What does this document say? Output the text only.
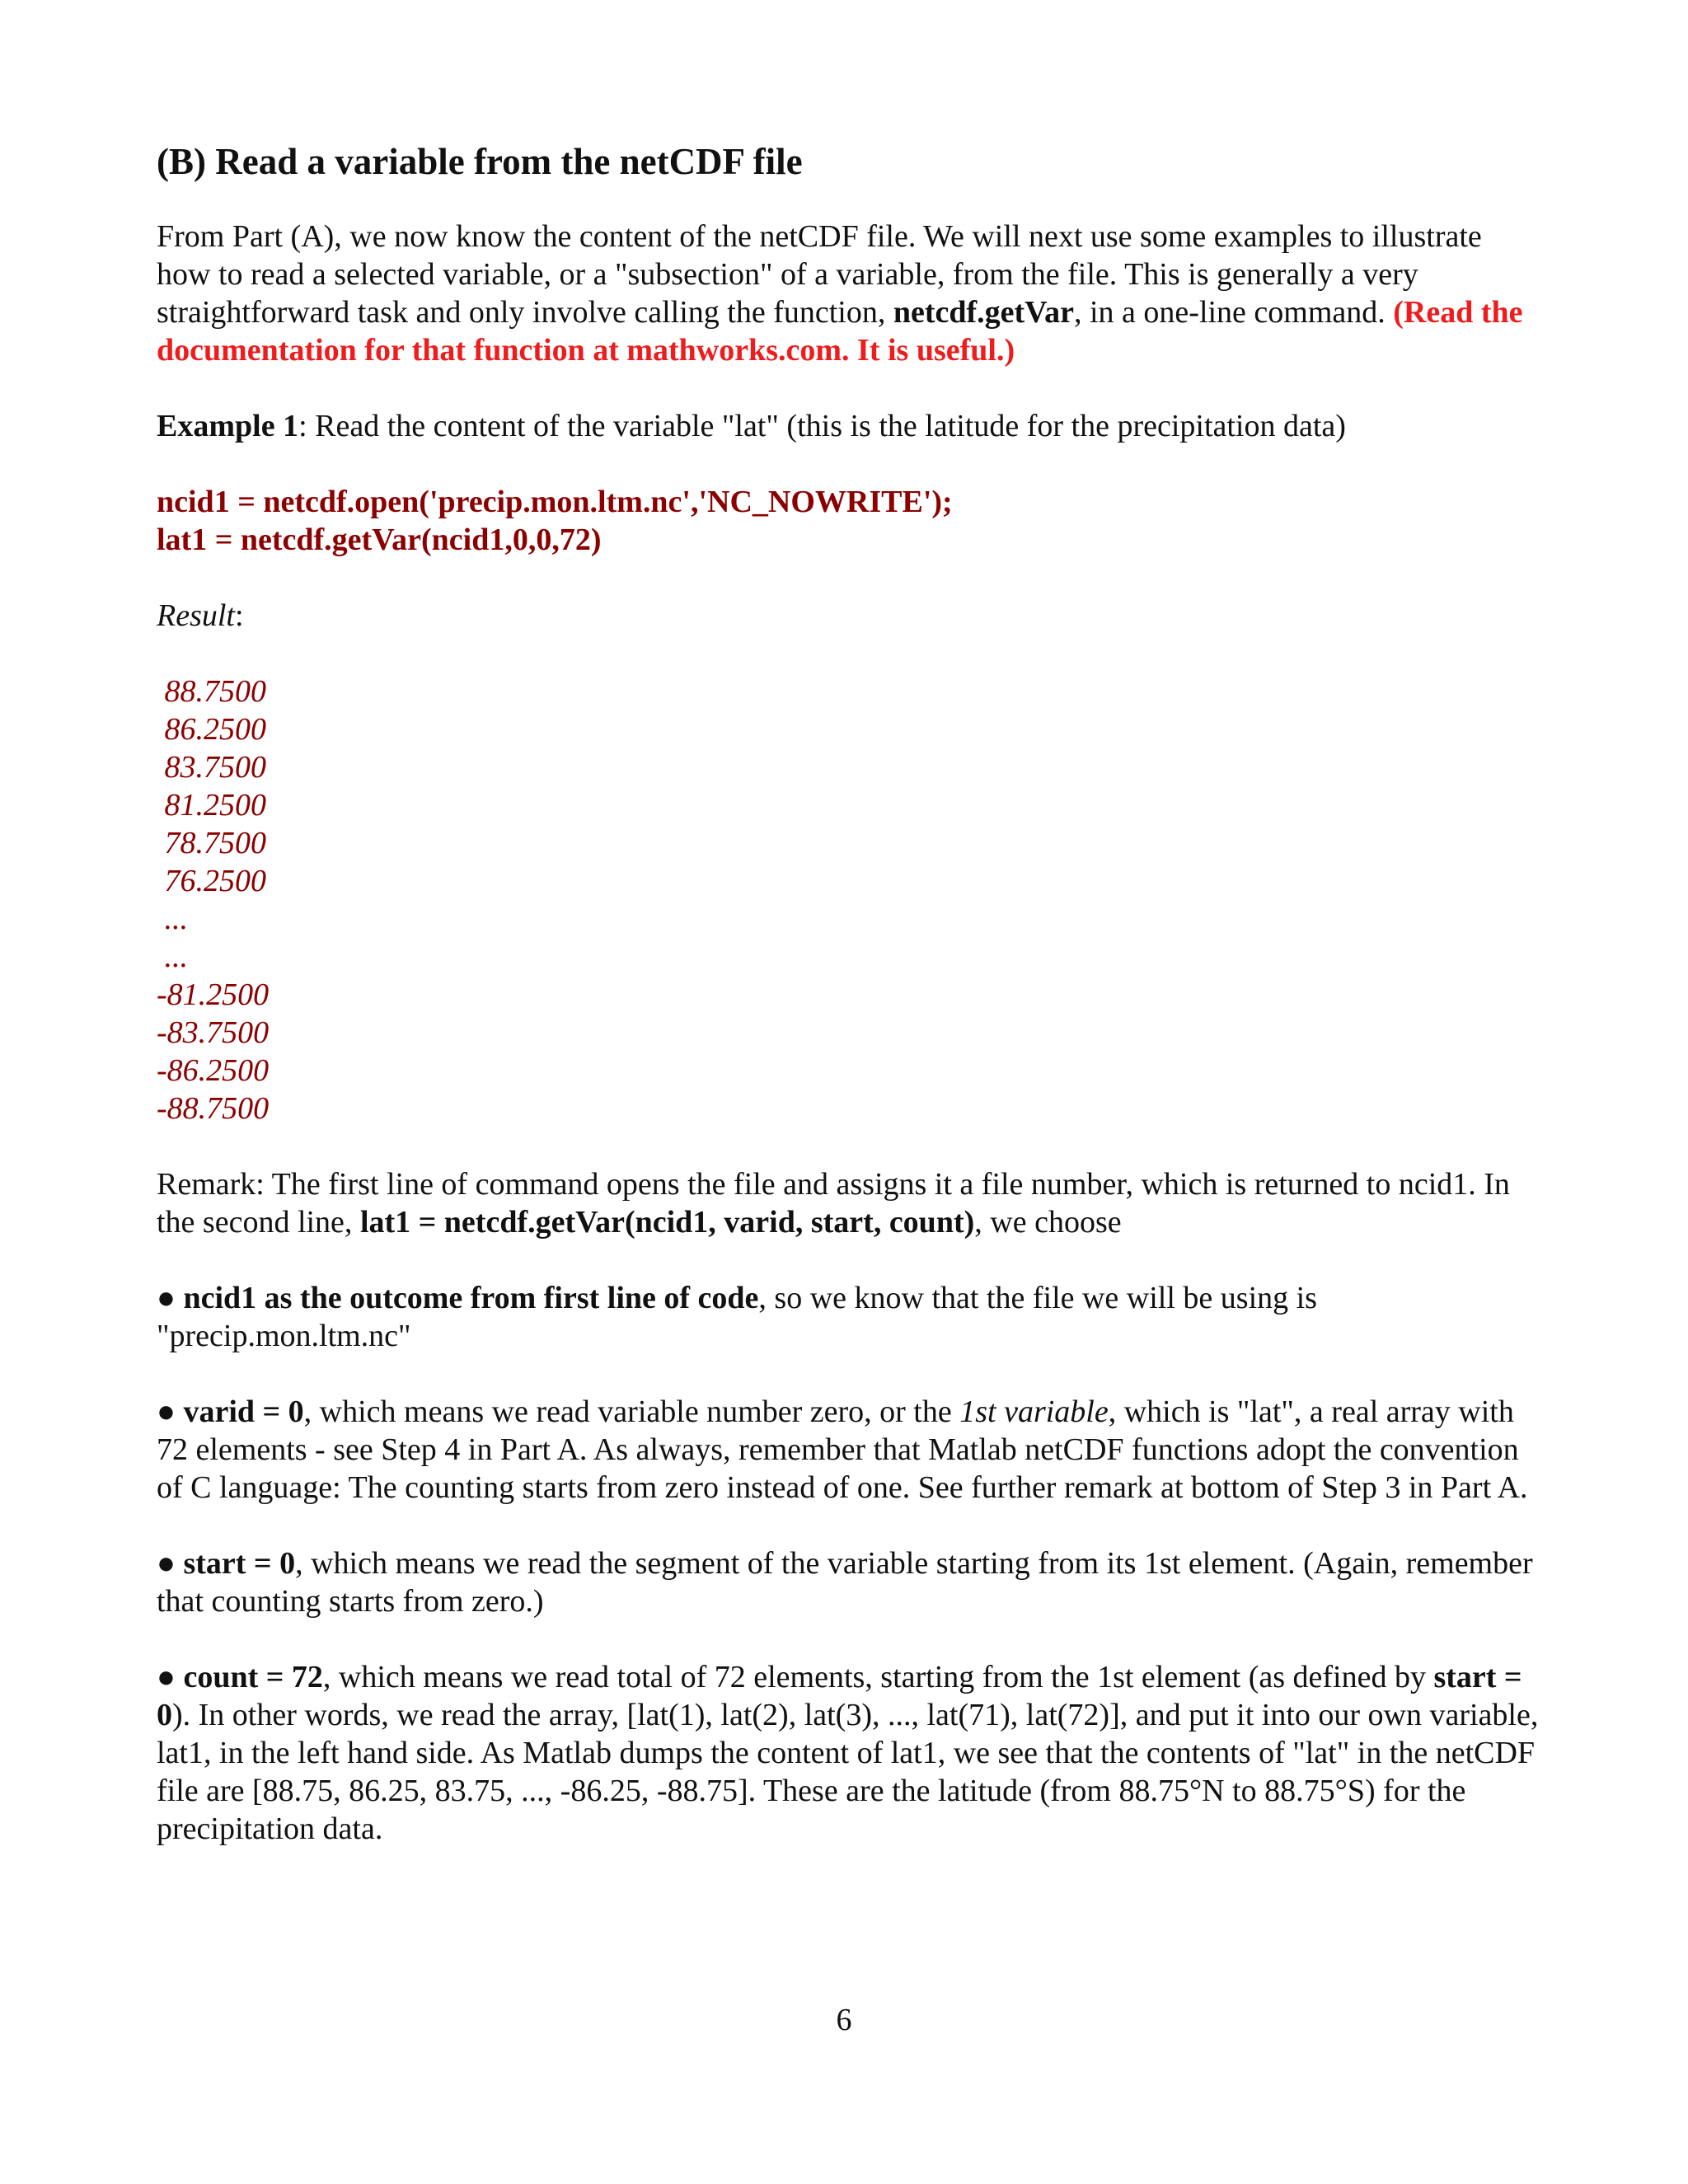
(B) Read a variable from the netCDF file
From Part (A), we now know the content of the netCDF file. We will next use some examples to illustrate how to read a selected variable, or a "subsection" of a variable, from the file. This is generally a very straightforward task and only involve calling the function, netcdf.getVar, in a one-line command. (Read the documentation for that function at mathworks.com. It is useful.)
Example 1: Read the content of the variable "lat" (this is the latitude for the precipitation data)
ncid1 = netcdf.open('precip.mon.ltm.nc','NC_NOWRITE');
lat1 = netcdf.getVar(ncid1,0,0,72)
Result:
88.7500
86.2500
83.7500
81.2500
78.7500
76.2500
...
...
-81.2500
-83.7500
-86.2500
-88.7500
Remark: The first line of command opens the file and assigns it a file number, which is returned to ncid1. In the second line, lat1 = netcdf.getVar(ncid1, varid, start, count), we choose
● ncid1 as the outcome from first line of code, so we know that the file we will be using is "precip.mon.ltm.nc"
● varid = 0, which means we read variable number zero, or the 1st variable, which is "lat", a real array with 72 elements - see Step 4 in Part A. As always, remember that Matlab netCDF functions adopt the convention of C language: The counting starts from zero instead of one. See further remark at bottom of Step 3 in Part A.
● start = 0, which means we read the segment of the variable starting from its 1st element. (Again, remember that counting starts from zero.)
● count = 72, which means we read total of 72 elements, starting from the 1st element (as defined by start = 0). In other words, we read the array, [lat(1), lat(2), lat(3), ..., lat(71), lat(72)], and put it into our own variable, lat1, in the left hand side. As Matlab dumps the content of lat1, we see that the contents of "lat" in the netCDF file are [88.75, 86.25, 83.75, ..., -86.25, -88.75]. These are the latitude (from 88.75°N to 88.75°S) for the precipitation data.
6
